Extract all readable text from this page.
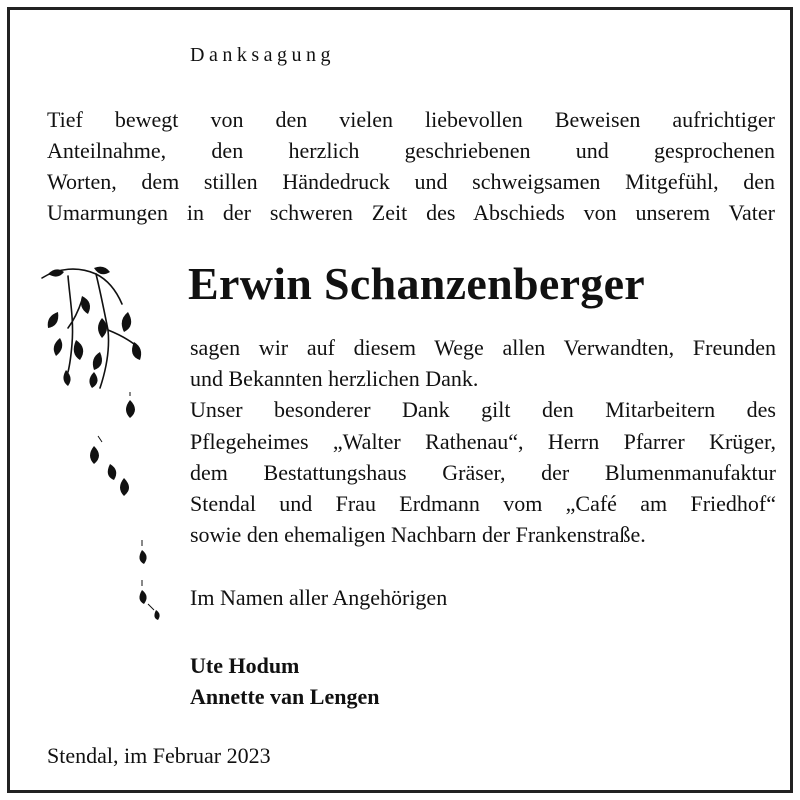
Danksagung
Tief bewegt von den vielen liebevollen Beweisen aufrichtiger
Anteilnahme, den herzlich geschriebenen und gesprochenen
Worten, dem stillen Händedruck und schweigsamen Mitgefühl, den
Umarmungen in der schweren Zeit des Abschieds von unserem Vater
Erwin Schanzenberger
sagen wir auf diesem Wege allen Verwandten, Freunden
und Bekannten herzlichen Dank.
Unser besonderer Dank gilt den Mitarbeitern des
Pflegeheimes „Walter Rathenau“, Herrn Pfarrer Krüger,
dem Bestattungshaus Gräser, der Blumenmanufaktur
Stendal und Frau Erdmann vom „Café am Friedhof“
sowie den ehemaligen Nachbarn der Frankenstraße.
Im Namen aller Angehörigen
Ute Hodum
Annette van Lengen
Stendal, im Februar 2023
